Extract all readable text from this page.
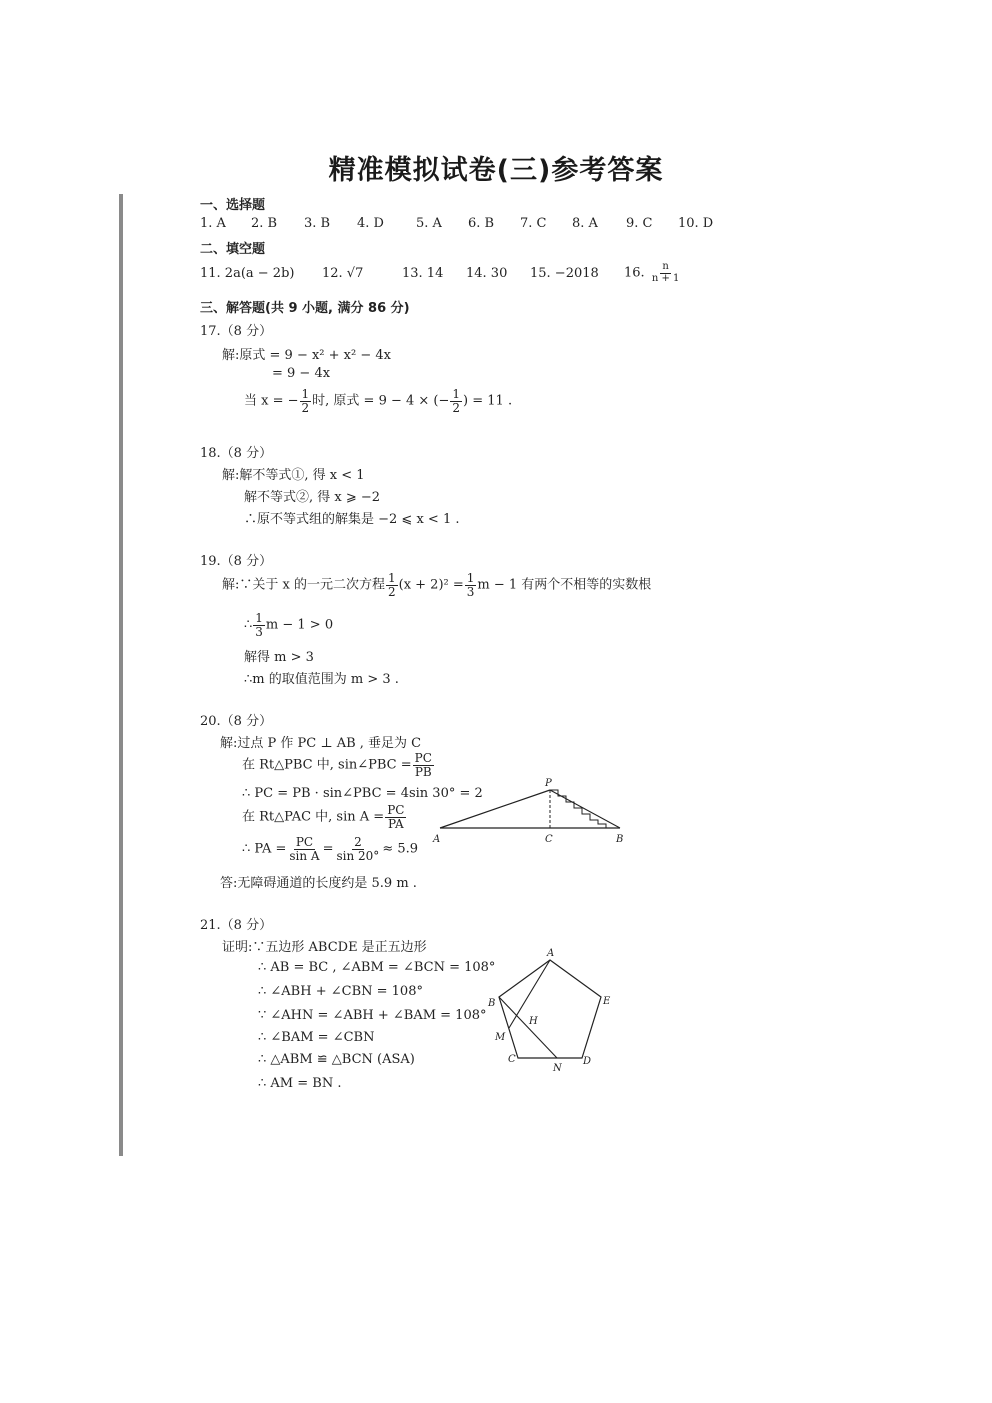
精准模拟试卷(三)参考答案
一、选择题
1. A 2. B 3. B 4. D 5. A 6. B 7. C 8. A 9. C 10. D
二、填空题
11. 2a(a − 2b) 12. √7	13. 14 14. 30 15. −2018 16. $\frac{n}{n + 1}$
三、解答题(共 9 小题, 满分 86 分)
17.（8 分）
解:原式 = 9 − x² + x² − 4x
= 9 − 4x
当 x = − $\frac{1}{2}$ 时, 原式 = 9 − 4 × (− $\frac{1}{2}$ ) = 11 .
18.（8 分）
解:解不等式①, 得 x < 1
解不等式②, 得 x ⩾ −2
∴原不等式组的解集是 −2 ⩽ x < 1 .
19.（8 分）
解:∵关于 x 的一元二次方程 $\frac{1}{2} (x + 2)^2 = \frac{1}{3}$ m − 1 有两个不相等的实数根
∴ $\frac{1}{3}$ m − 1 > 0
解得 m > 3
∴m 的取值范围为 m > 3 .
20.（8 分）
解:过点 P 作 PC ⊥ AB , 垂足为 C
在 Rt△PBC 中, sin∠PBC = $\frac{PC}{PB}$
∴ PC = PB · sin∠PBC = 4sin 30° = 2
在 Rt△PAC 中, $\sin A = \frac{PC}{PA}$
∴ PA = $\frac{PC}{\text{sin A}} = \frac{2}{\sin 20^\circ} \approx 5.9$
答:无障碍通道的长度约是 5.9 m .
P
A	C	B
21.（8 分）
证明:∵五边形 ABCDE 是正五边形
∴ AB = BC , ∠ABM = ∠BCN = 108°
∴ ∠ABH + ∠CBN = 108°
∵ ∠AHN = ∠ABH + ∠BAM = 108°
∴ ∠BAM = ∠CBN
∴ △ABM ≌ △BCN (ASA)
∴ AM = BN .
A
B	E
H
M
C	D
N
